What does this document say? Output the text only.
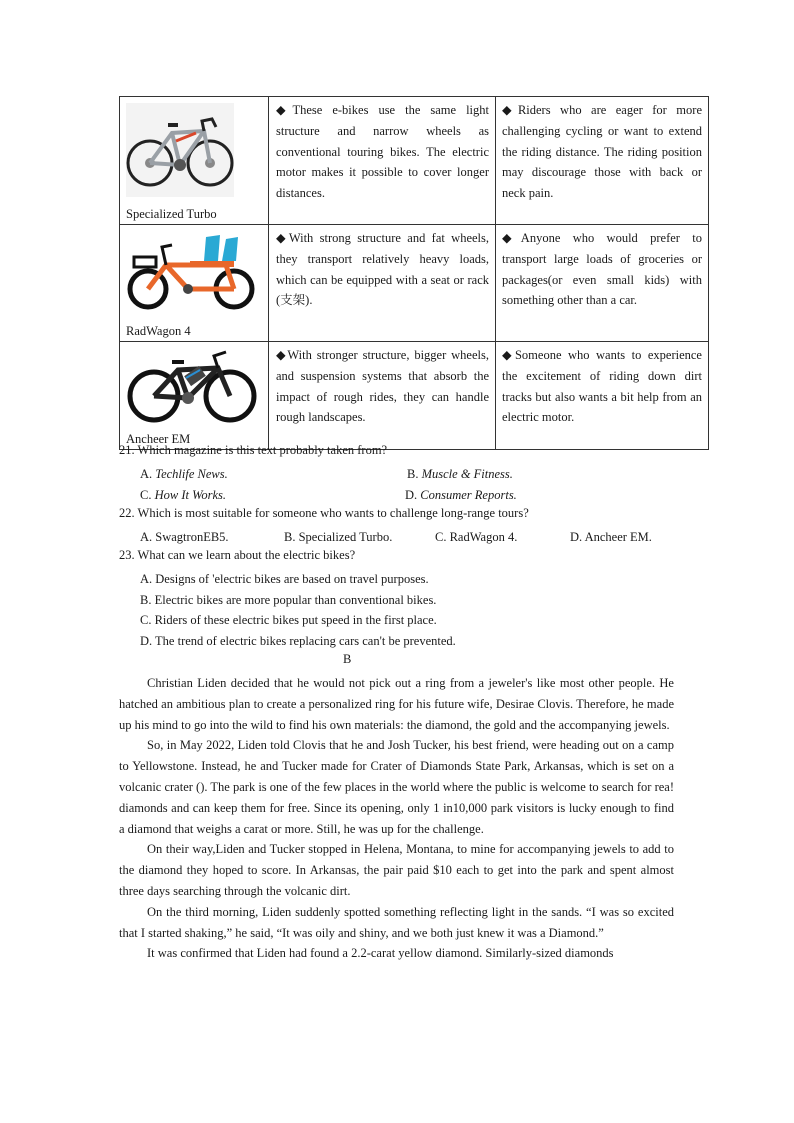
Specialized Turbo	◆These e-bikes use the same light structure and narrow wheels as conventional touring bikes. The electric motor makes it possible to cover longer distances.	◆Riders who are eager for more challenging cycling or want to extend the riding distance. The riding position may discourage those with back or neck pain.

RadWagon 4	◆With strong structure and fat wheels, they transport relatively heavy loads, which can be equipped with a seat or rack (支架).	◆Anyone who would prefer to transport large loads of groceries or packages(or even small kids) with something other than a car.

Ancheer EM	◆With stronger structure, bigger wheels, and suspension systems that absorb the impact of rough rides, they can handle rough landscapes.	◆Someone who wants to experience the excitement of riding down dirt tracks but also wants a bit help from an electric motor.
21. Which magazine is this text probably taken from?
A. Techlife News.	B. Muscle & Fitness.
C. How It Works.	D. Consumer Reports.
22. Which is most suitable for someone who wants to challenge long-range tours?
A. SwagtronEB5.	B. Specialized Turbo.	C. RadWagon 4.	D. Ancheer EM.
23. What can we learn about the electric bikes?
A. Designs of 'electric bikes are based on travel purposes.
B. Electric bikes are more popular than conventional bikes.
C. Riders of these electric bikes put speed in the first place.
D. The trend of electric bikes replacing cars can't be prevented.
B

Christian Liden decided that he would not pick out a ring from a jeweler's like most other people. He hatched an ambitious plan to create a personalized ring for his future wife, Desirae Clovis. Therefore, he made up his mind to go into the wild to find his own materials: the diamond, the gold and the accompanying jewels.

So, in May 2022, Liden told Clovis that he and Josh Tucker, his best friend, were heading out on a camp to Yellowstone. Instead, he and Tucker made for Crater of Diamonds State Park, Arkansas, which is set on a volcanic crater (). The park is one of the few places in the world where the public is welcome to search for rea! diamonds and can keep them for free. Since its opening, only 1 in10,000 park visitors is lucky enough to find a diamond that weighs a carat or more. Still, he was up for the challenge.

On their way,Liden and Tucker stopped in Helena, Montana, to mine for accompanying jewels to add to the diamond they hoped to score. In Arkansas, the pair paid $10 each to get into the park and spent almost three days searching through the volcanic dirt.

On the third morning, Liden suddenly spotted something reflecting light in the sands. “I was so excited that I started shaking,” he said, “It was oily and shiny, and we both just knew it was a Diamond.”

It was confirmed that Liden had found a 2.2-carat yellow diamond. Similarly-sized diamonds
